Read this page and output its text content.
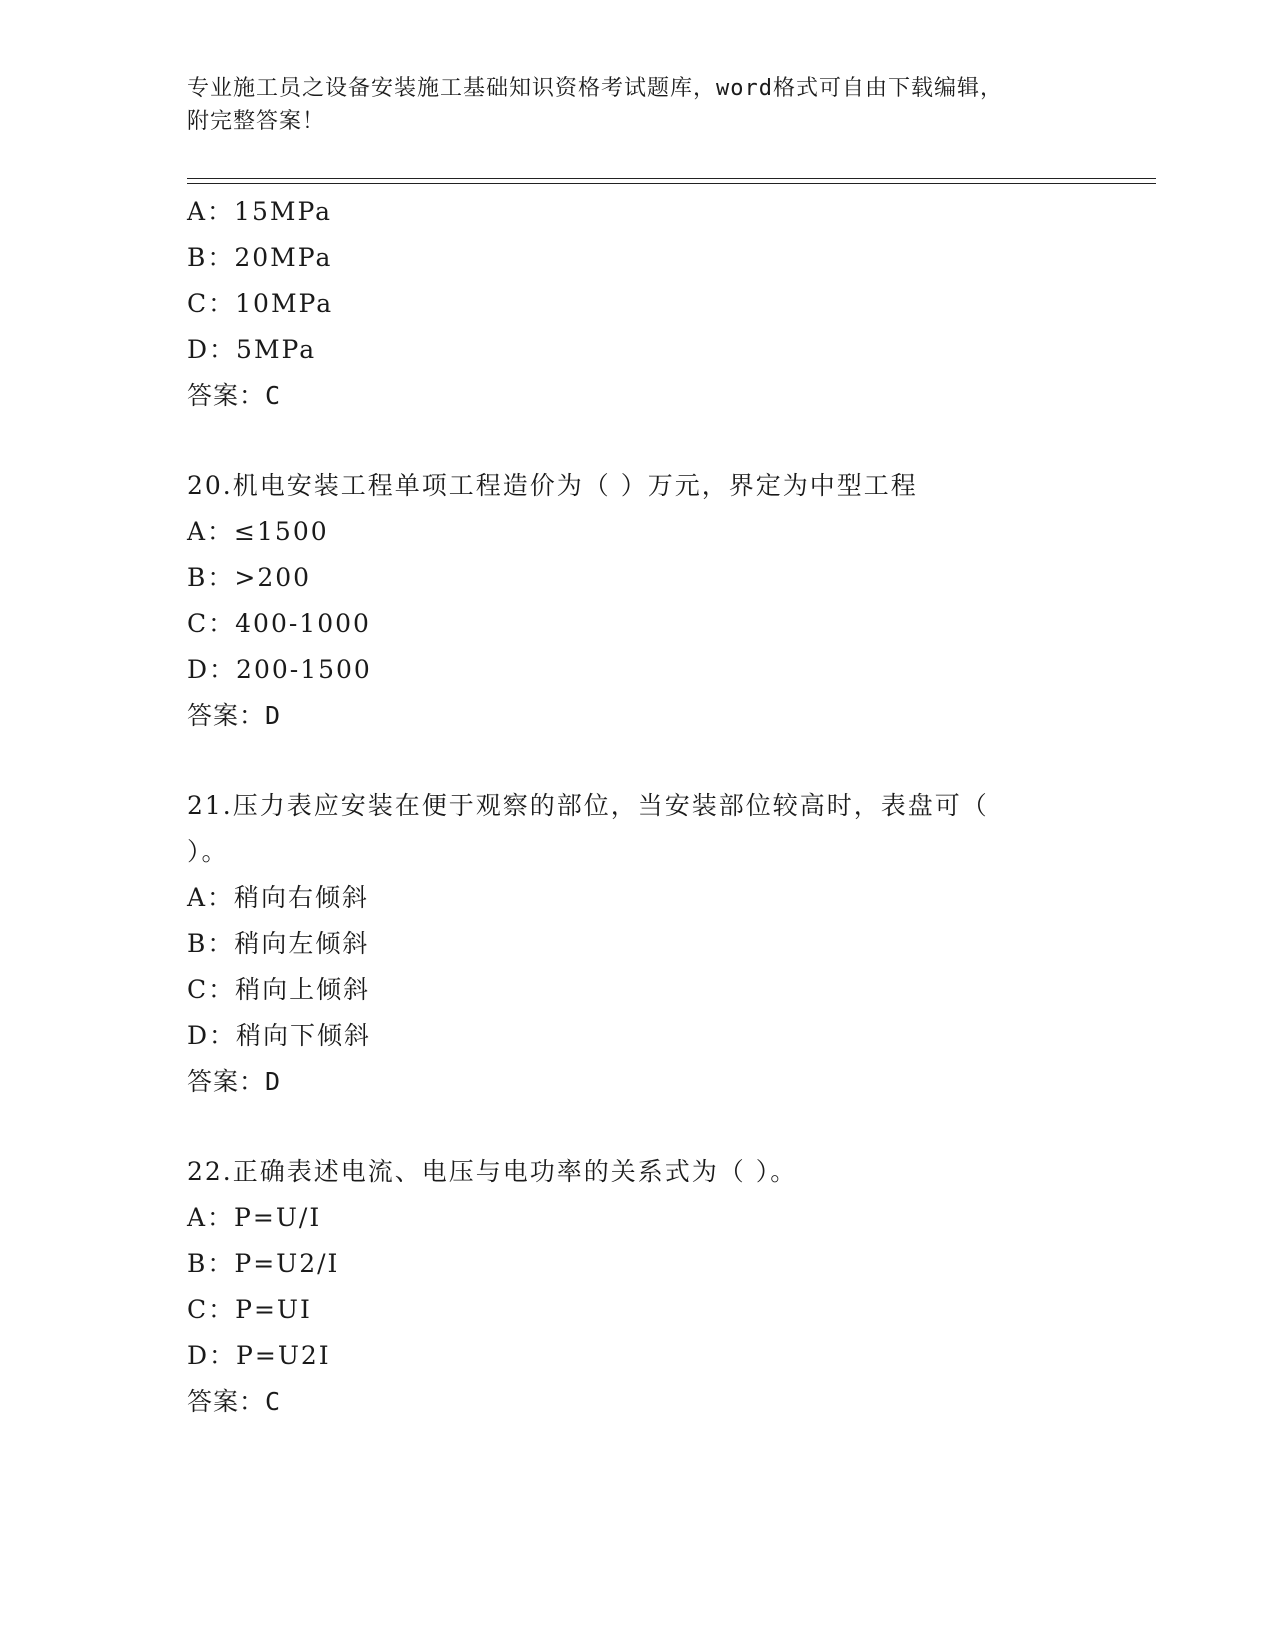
专业施工员之设备安装施工基础知识资格考试题库，word格式可自由下载编辑，
附完整答案！
A：15MPa
B：20MPa
C：10MPa
D：5MPa
答案：C
20.机电安装工程单项工程造价为（ ）万元，界定为中型工程
A：≤1500
B：>200
C：400-1000
D：200-1500
答案：D
21.压力表应安装在便于观察的部位，当安装部位较高时，表盘可（
）。
A：稍向右倾斜
B：稍向左倾斜
C：稍向上倾斜
D：稍向下倾斜
答案：D
22.正确表述电流、电压与电功率的关系式为（ ）。
A：P=U/I
B：P=U2/I
C：P=UI
D：P=U2I
答案：C
